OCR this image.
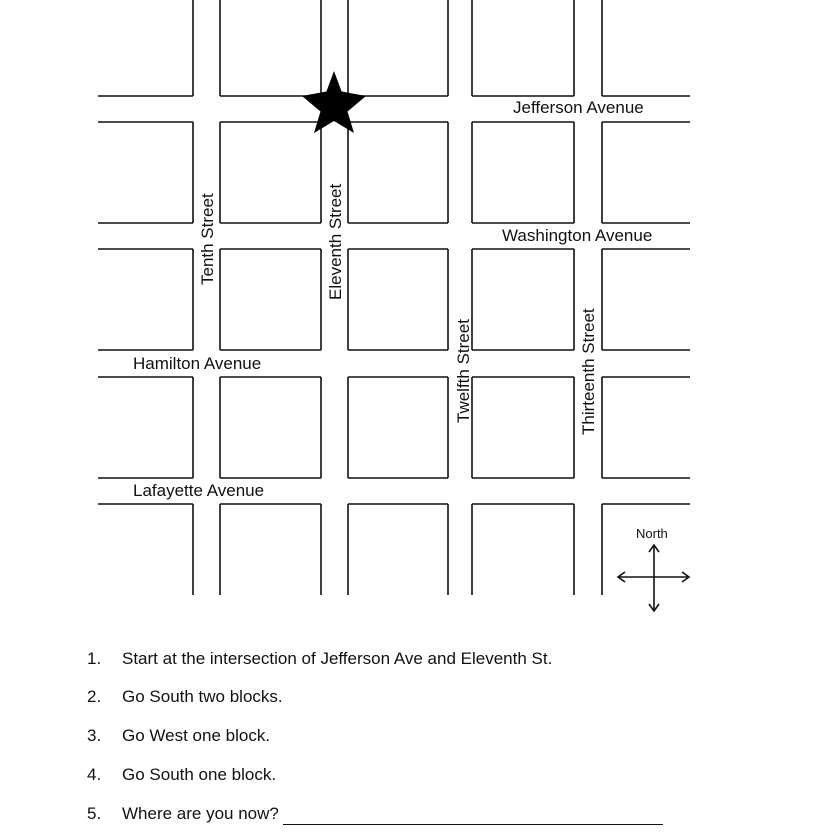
Jefferson Avenue
Washington Avenue
Hamilton Avenue
Lafayette Avenue
Tenth Street	Eleventh Street
Twelfth Street	Thirteenth Street
North
1. Start at the intersection of Jefferson Ave and Eleventh St.
2. Go South two blocks.
3. Go West one block.
4. Go South one block.
5. Where are you now?
